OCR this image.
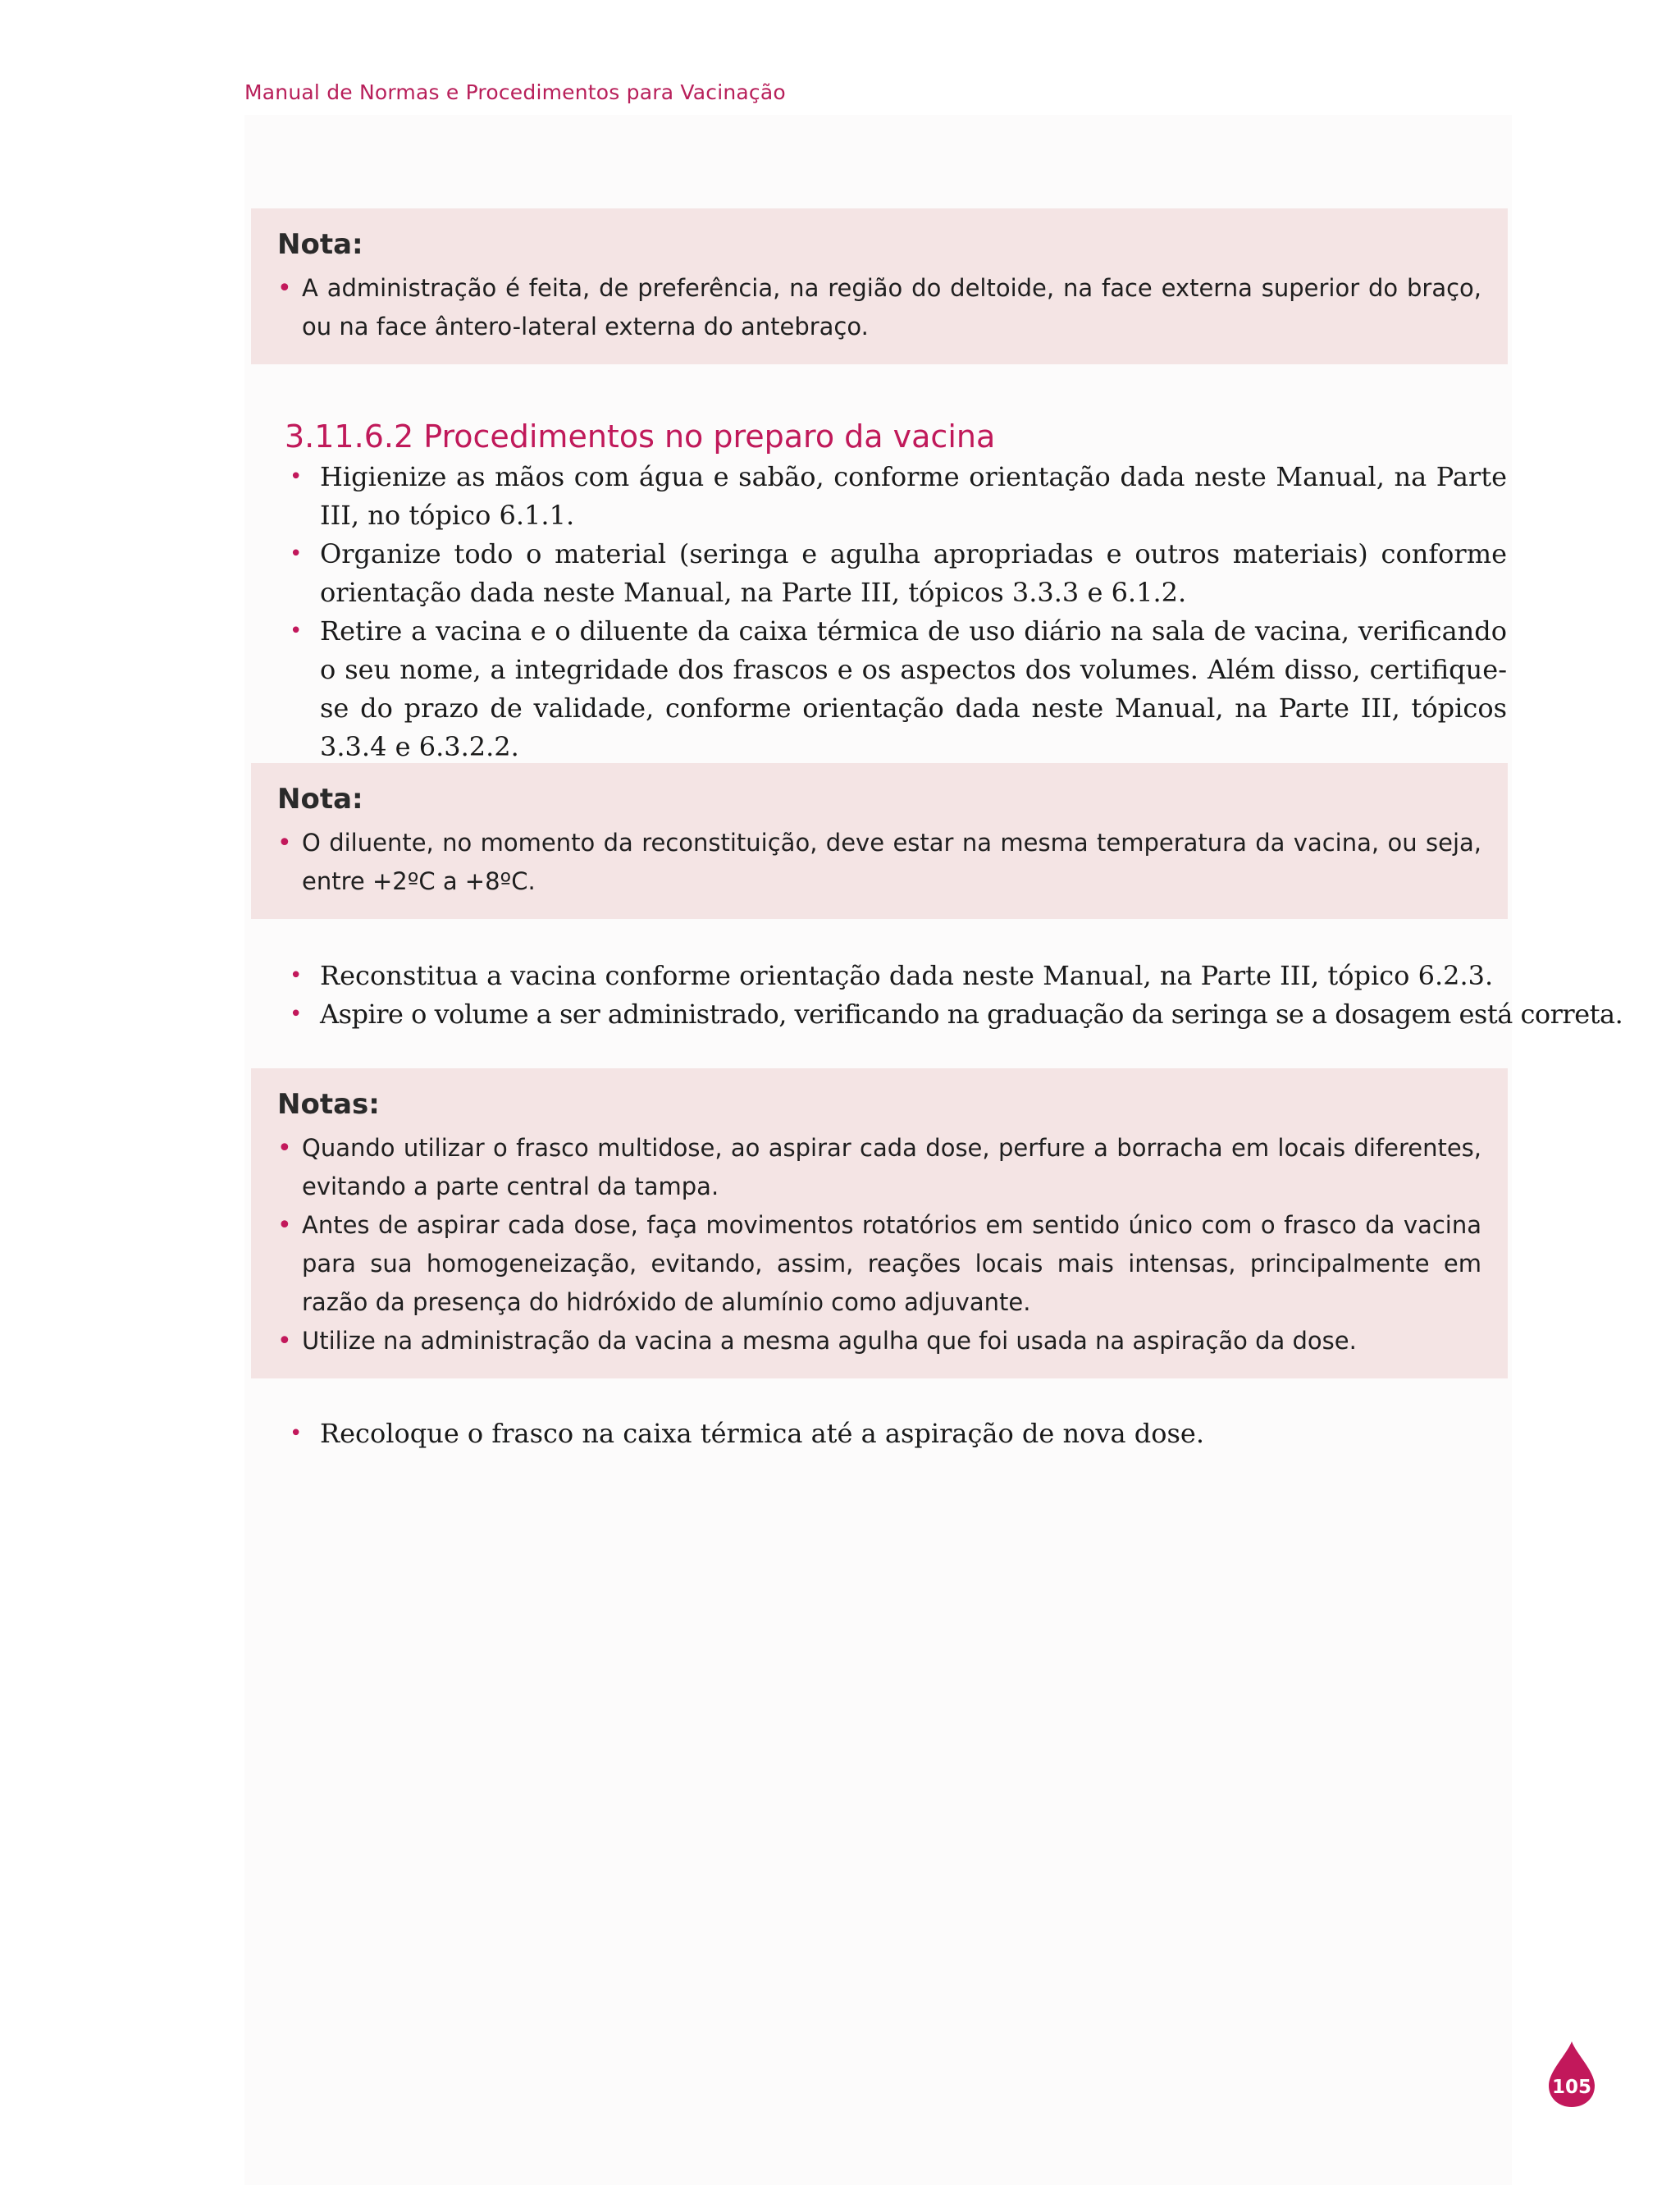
Manual de Normas e Procedimentos para Vacinação
Nota:
• A administração é feita, de preferência, na região do deltoide, na face externa superior do braço, ou na face ântero-lateral externa do antebraço.
3.11.6.2 Procedimentos no preparo da vacina
• Higienize as mãos com água e sabão, conforme orientação dada neste Manual, na Parte III, no tópico 6.1.1.
• Organize todo o material (seringa e agulha apropriadas e outros materiais) conforme orientação dada neste Manual, na Parte III, tópicos 3.3.3 e 6.1.2.
• Retire a vacina e o diluente da caixa térmica de uso diário na sala de vacina, verificando o seu nome, a integridade dos frascos e os aspectos dos volumes. Além disso, certifique-se do prazo de validade, conforme orientação dada neste Manual, na Parte III, tópicos 3.3.4 e 6.3.2.2.
Nota:
• O diluente, no momento da reconstituição, deve estar na mesma temperatura da vacina, ou seja, entre +2ºC a +8ºC.
• Reconstitua a vacina conforme orientação dada neste Manual, na Parte III, tópico 6.2.3.
• Aspire o volume a ser administrado, verificando na graduação da seringa se a dosagem está correta.
Notas:
• Quando utilizar o frasco multidose, ao aspirar cada dose, perfure a borracha em locais diferentes, evitando a parte central da tampa.
• Antes de aspirar cada dose, faça movimentos rotatórios em sentido único com o frasco da vacina para sua homogeneização, evitando, assim, reações locais mais intensas, principalmente em razão da presença do hidróxido de alumínio como adjuvante.
• Utilize na administração da vacina a mesma agulha que foi usada na aspiração da dose.
• Recoloque o frasco na caixa térmica até a aspiração de nova dose.
105
